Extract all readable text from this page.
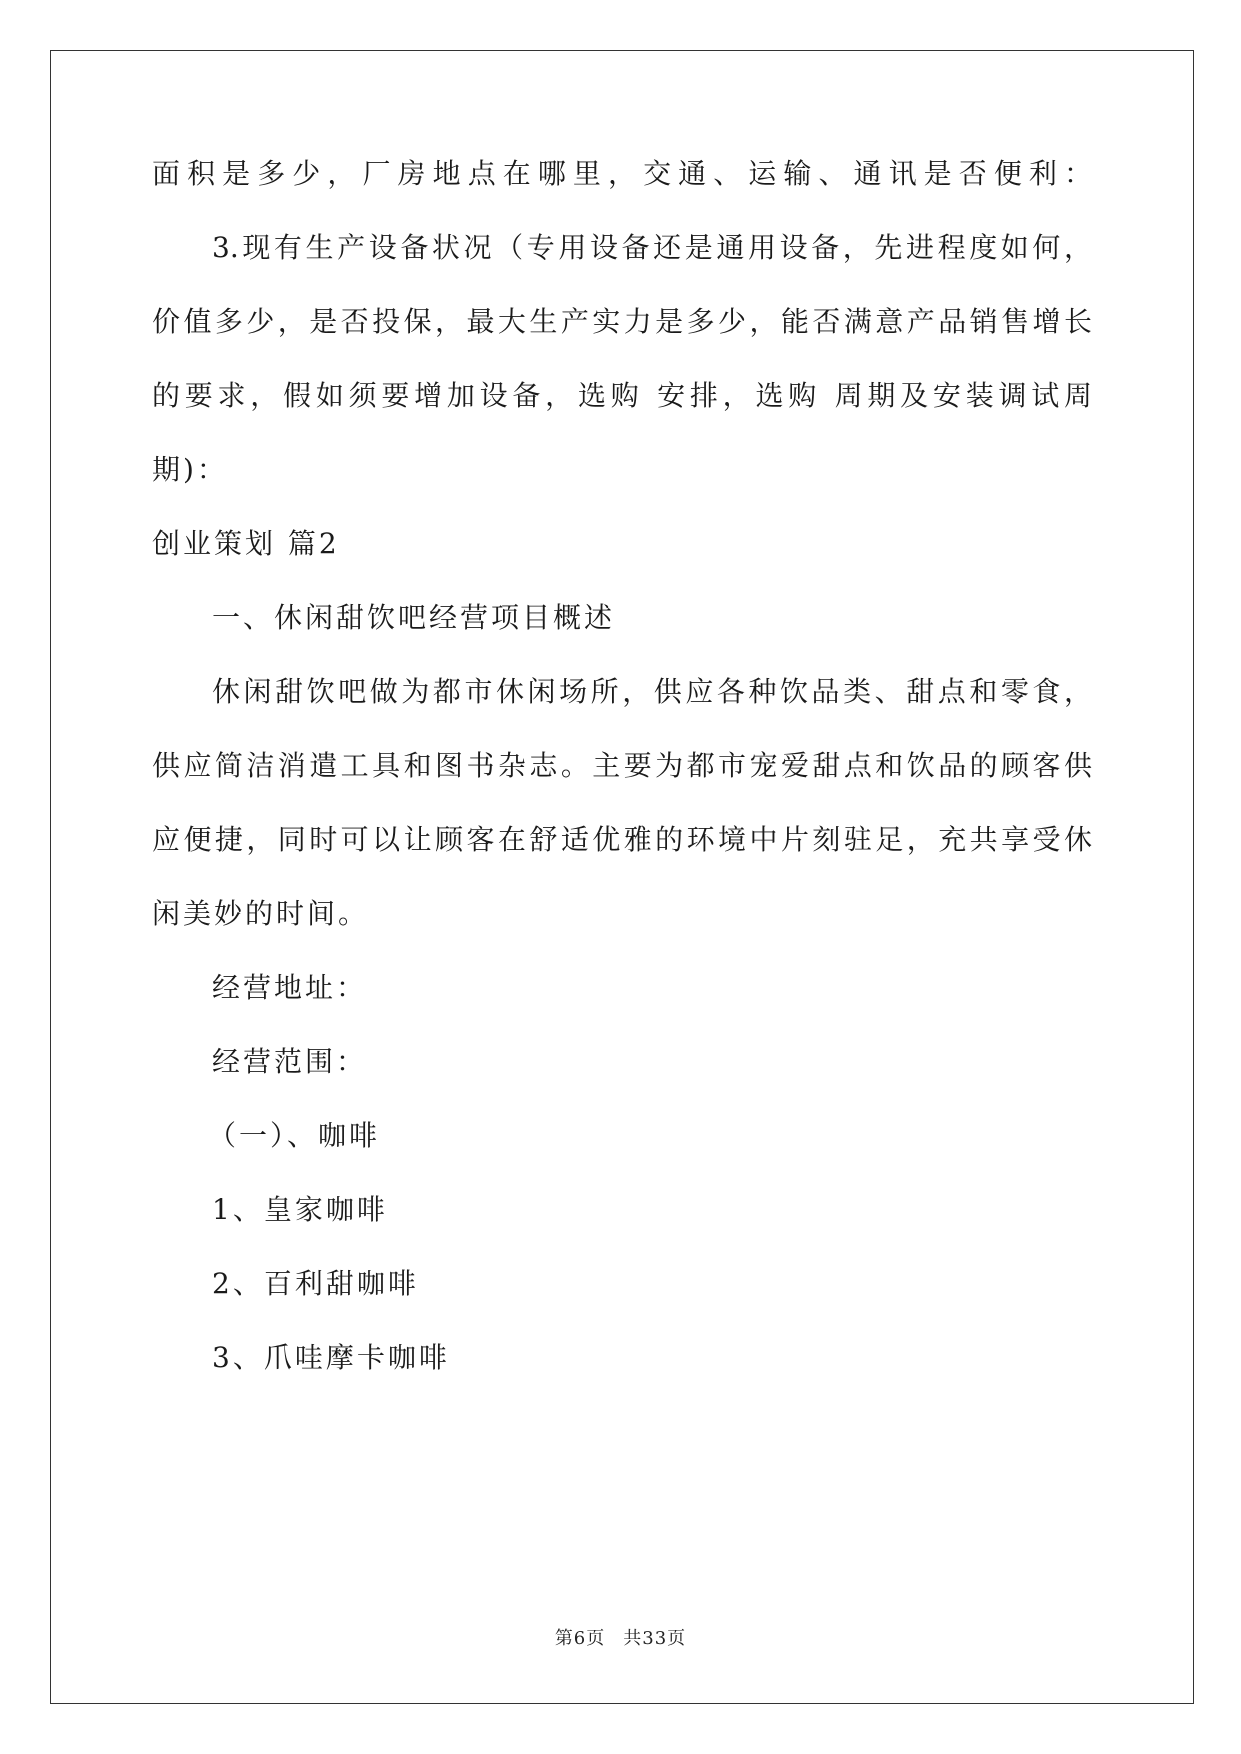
面积是多少，厂房地点在哪里，交通、运输、通讯是否便利：
3.现有生产设备状况（专用设备还是通用设备，先进程度如何，
价值多少，是否投保，最大生产实力是多少，能否满意产品销售增长
的要求，假如须要增加设备，选购 安排，选购 周期及安装调试周
期)：
创业策划 篇2
一、休闲甜饮吧经营项目概述
休闲甜饮吧做为都市休闲场所，供应各种饮品类、甜点和零食，
供应简洁消遣工具和图书杂志。主要为都市宠爱甜点和饮品的顾客供
应便捷，同时可以让顾客在舒适优雅的环境中片刻驻足，充共享受休
闲美妙的时间。
经营地址：
经营范围：
（一）、咖啡
1、皇家咖啡
2、百利甜咖啡
3、爪哇摩卡咖啡
第6页 共33页
